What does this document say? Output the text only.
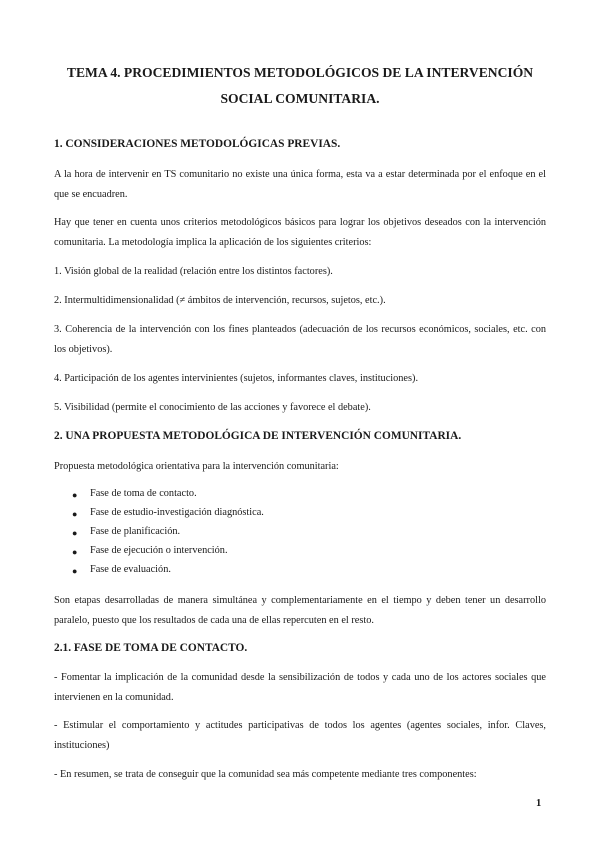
TEMA 4. PROCEDIMIENTOS METODOLÓGICOS DE LA INTERVENCIÓN SOCIAL COMUNITARIA.
1. CONSIDERACIONES METODOLÓGICAS PREVIAS.
A la hora de intervenir en TS comunitario no existe una única forma, esta va a estar determinada por el enfoque en el que se encuadren.
Hay que tener en cuenta unos criterios metodológicos básicos para lograr los objetivos deseados con la intervención comunitaria. La metodología implica la aplicación de los siguientes criterios:
1. Visión global de la realidad (relación entre los distintos factores).
2. Intermultidimensionalidad (≠ ámbitos de intervención, recursos, sujetos, etc.).
3. Coherencia de la intervención con los fines planteados (adecuación de los recursos económicos, sociales, etc. con los objetivos).
4. Participación de los agentes intervinientes (sujetos, informantes claves, instituciones).
5. Visibilidad (permite el conocimiento de las acciones y favorece el debate).
2. UNA PROPUESTA METODOLÓGICA DE INTERVENCIÓN COMUNITARIA.
Propuesta metodológica orientativa para la intervención comunitaria:
● Fase de toma de contacto.
● Fase de estudio-investigación diagnóstica.
● Fase de planificación.
● Fase de ejecución o intervención.
● Fase de evaluación.
Son etapas desarrolladas de manera simultánea y complementariamente en el tiempo y deben tener un desarrollo paralelo, puesto que los resultados de cada una de ellas repercuten en el resto.
2.1. FASE DE TOMA DE CONTACTO.
- Fomentar la implicación de la comunidad desde la sensibilización de todos y cada uno de los actores sociales que intervienen en la comunidad.
- Estimular el comportamiento y actitudes participativas de todos los agentes (agentes sociales, infor. Claves, instituciones)
- En resumen, se trata de conseguir que la comunidad sea más competente mediante tres componentes:
1
